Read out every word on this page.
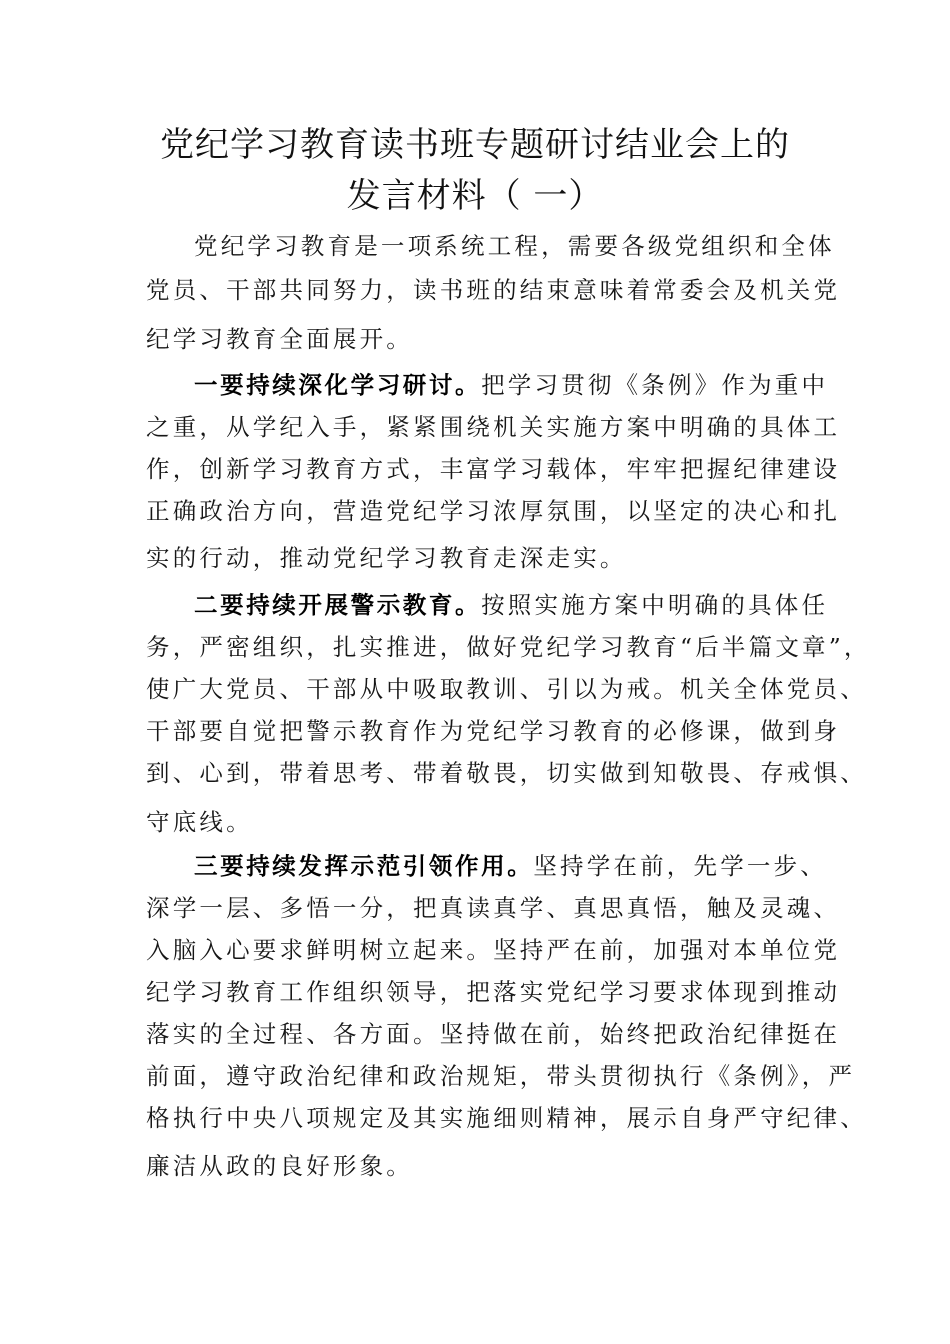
党纪学习教育读书班专题研讨结业会上的
发言材料（ 一）
党纪学习教育是一项系统工程，需要各级党组织和全体
党员、干部共同努力，读书班的结束意味着常委会及机关党
纪学习教育全面展开。
一要持续深化学习研讨。把学习贯彻《条例》作为重中
之重，从学纪入手，紧紧围绕机关实施方案中明确的具体工
作，创新学习教育方式，丰富学习载体，牢牢把握纪律建设
正确政治方向，营造党纪学习浓厚氛围，以坚定的决心和扎
实的行动，推动党纪学习教育走深走实。
二要持续开展警示教育。按照实施方案中明确的具体任
务，严密组织，扎实推进，做好党纪学习教育“后半篇文章”，
使广大党员、干部从中吸取教训、引以为戒。机关全体党员、
干部要自觉把警示教育作为党纪学习教育的必修课，做到身
到、心到，带着思考、带着敬畏，切实做到知敬畏、存戒惧、
守底线。
三要持续发挥示范引领作用。坚持学在前，先学一步、
深学一层、多悟一分，把真读真学、真思真悟，触及灵魂、
入脑入心要求鲜明树立起来。坚持严在前，加强对本单位党
纪学习教育工作组织领导，把落实党纪学习要求体现到推动
落实的全过程、各方面。坚持做在前，始终把政治纪律挺在
前面，遵守政治纪律和政治规矩，带头贯彻执行《条例》，严
格执行中央八项规定及其实施细则精神，展示自身严守纪律、
廉洁从政的良好形象。
